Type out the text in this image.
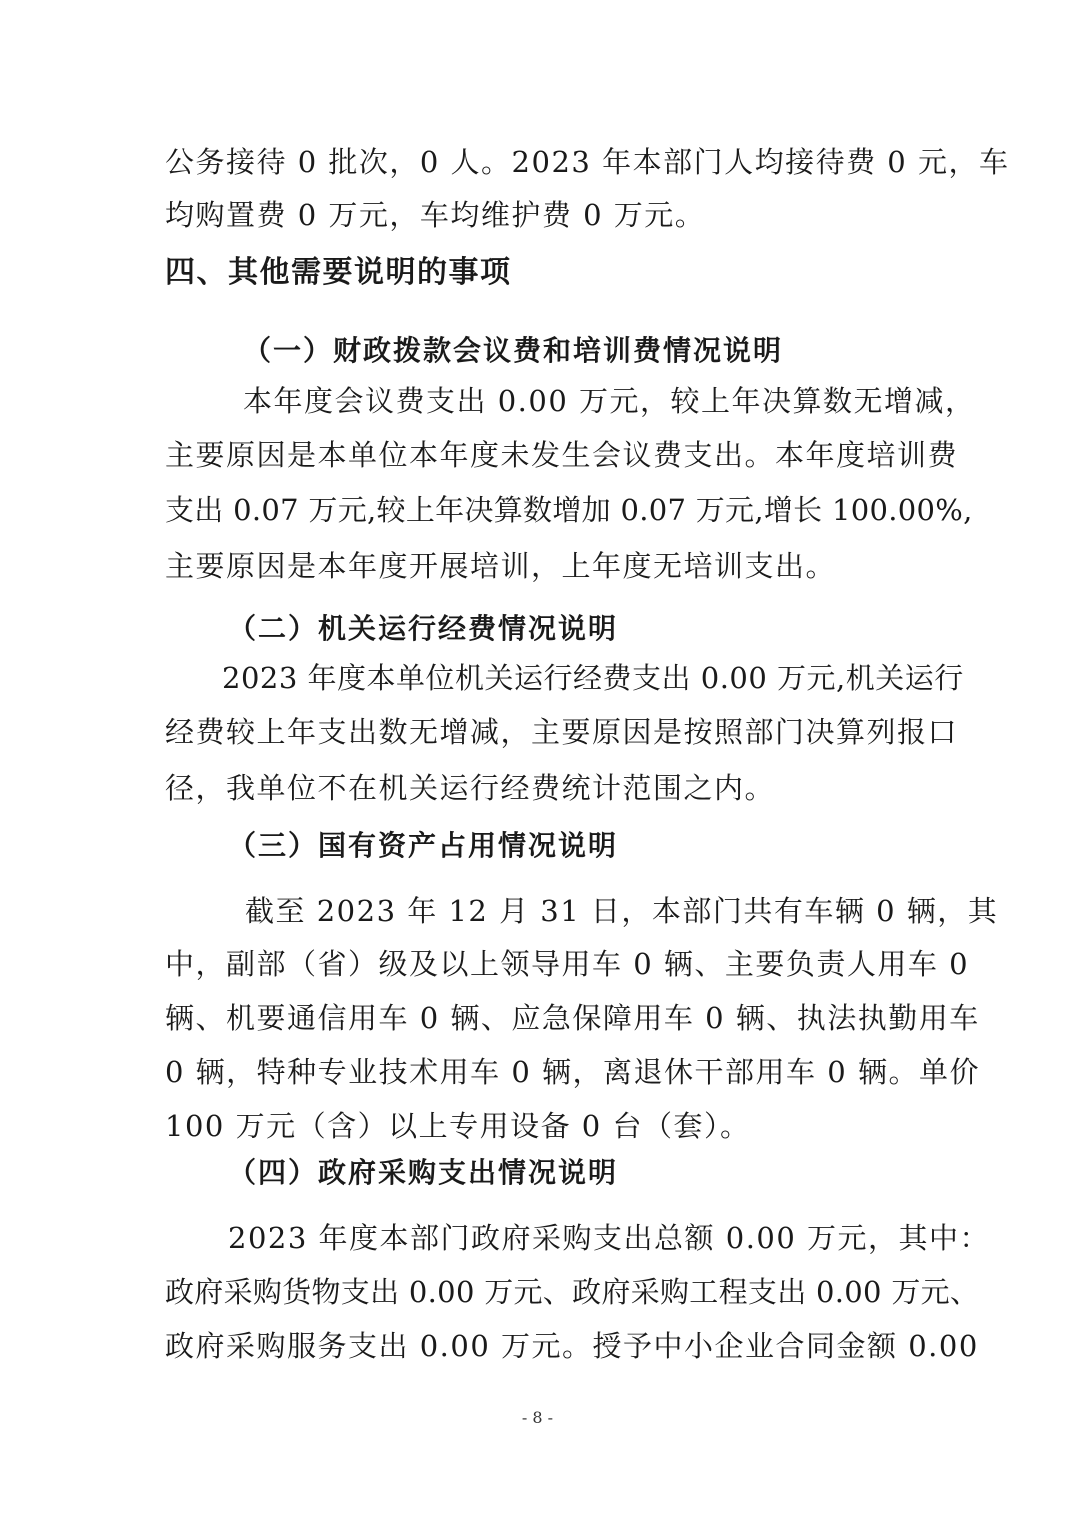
公务接待 0 批次，0 人。2023 年本部门人均接待费 0 元，车
均购置费 0 万元，车均维护费 0 万元。
四、其他需要说明的事项
（一）财政拨款会议费和培训费情况说明
本年度会议费支出 0.00 万元，较上年决算数无增减，
主要原因是本单位本年度未发生会议费支出。本年度培训费
支出 0.07 万元,较上年决算数增加 0.07 万元,增长 100.00%,
主要原因是本年度开展培训，上年度无培训支出。
（二）机关运行经费情况说明
2023 年度本单位机关运行经费支出 0.00 万元,机关运行
经费较上年支出数无增减，主要原因是按照部门决算列报口
径，我单位不在机关运行经费统计范围之内。
（三）国有资产占用情况说明
截至 2023 年 12 月 31 日，本部门共有车辆 0 辆，其
中，副部（省）级及以上领导用车 0 辆、主要负责人用车 0
辆、机要通信用车 0 辆、应急保障用车 0 辆、执法执勤用车
0 辆，特种专业技术用车 0 辆，离退休干部用车 0 辆。单价
100 万元（含）以上专用设备 0 台（套）。
（四）政府采购支出情况说明
2023 年度本部门政府采购支出总额 0.00 万元，其中：
政府采购货物支出 0.00 万元、政府采购工程支出 0.00 万元、
政府采购服务支出 0.00 万元。授予中小企业合同金额 0.00
- 8 -
